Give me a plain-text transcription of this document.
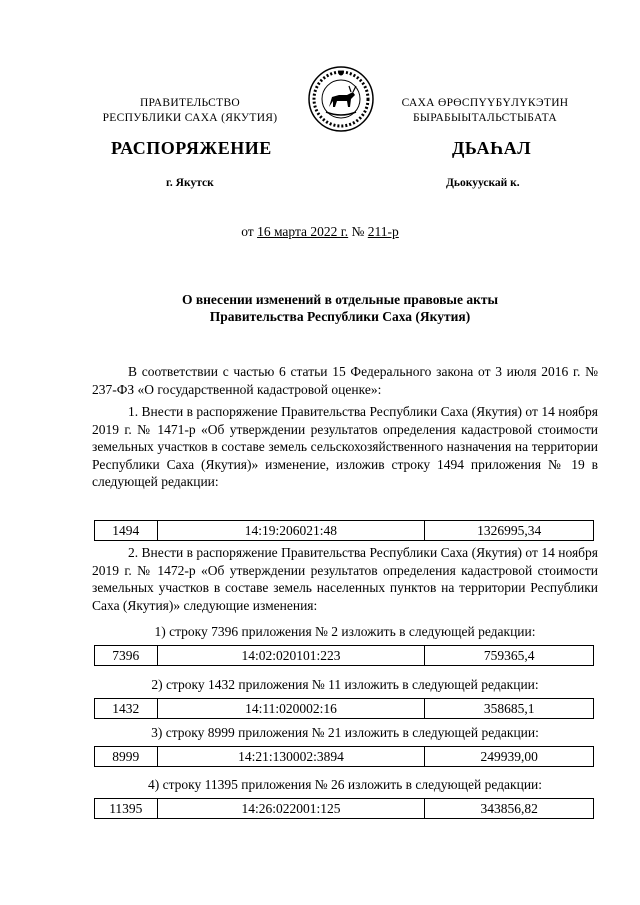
ПРАВИТЕЛЬСТВО
РЕСПУБЛИКИ САХА (ЯКУТИЯ)
САХА ӨРӨСПҮҮБҮЛҮКЭТИН
БЫРАБЫЫТАЛЬСТЫБАТА
РАСПОРЯЖЕНИЕ	ДЬАҺАЛ
г. Якутск	Дьокуускай к.
от 16 марта 2022 г. № 211-р
О внесении изменений в отдельные правовые акты
Правительства Республики Саха (Якутия)
В соответствии с частью 6 статьи 15 Федерального закона от 3 июля 2016 г. № 237-ФЗ «О государственной кадастровой оценке»:
1. Внести в распоряжение Правительства Республики Саха (Якутия) от 14 ноября 2019 г. № 1471-р «Об утверждении результатов определения кадастровой стоимости земельных участков в составе земель сельскохозяйственного назначения на территории Республики Саха (Якутия)» изменение, изложив строку 1494 приложения № 19 в следующей редакции:
1494	14:19:206021:48	1326995,34
2. Внести в распоряжение Правительства Республики Саха (Якутия) от 14 ноября 2019 г. № 1472-р «Об утверждении результатов определения кадастровой стоимости земельных участков в составе земель населенных пунктов на территории Республики Саха (Якутия)» следующие изменения:
1) строку 7396 приложения № 2 изложить в следующей редакции:
7396	14:02:020101:223	759365,4
2) строку 1432 приложения № 11 изложить в следующей редакции:
1432	14:11:020002:16	358685,1
3) строку 8999 приложения № 21 изложить в следующей редакции:
8999	14:21:130002:3894	249939,00
4) строку 11395 приложения № 26 изложить в следующей редакции:
11395	14:26:022001:125	343856,82
